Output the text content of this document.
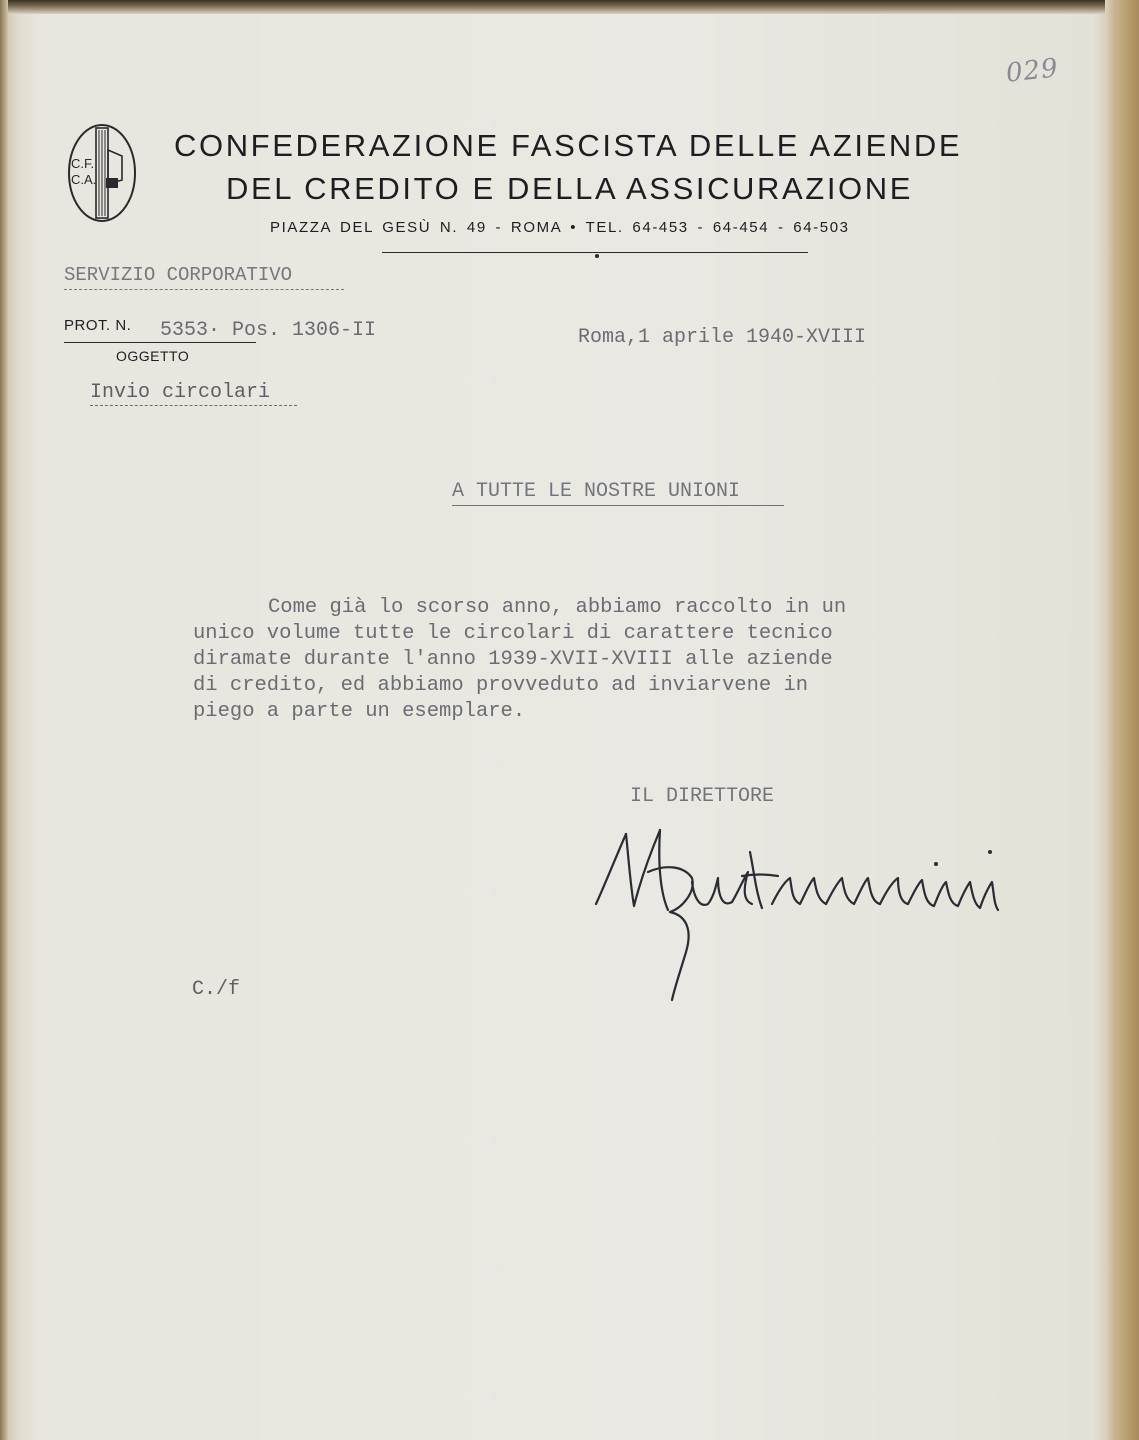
029
C.F.
C.A.
CONFEDERAZIONE FASCISTA DELLE AZIENDE
DEL CREDITO E DELLA ASSICURAZIONE
PIAZZA DEL GESÙ N. 49 - ROMA • TEL. 64-453 - 64-454 - 64-503
SERVIZIO CORPORATIVO
PROT. N. 5353· Pos. 1306-II
OGGETTO
Roma,1 aprile 1940-XVIII
Invio circolari
A TUTTE LE NOSTRE UNIONI
Come già lo scorso anno, abbiamo raccolto in un
unico volume tutte le circolari di carattere tecnico
diramate durante l'anno 1939-XVII-XVIII alle aziende
di credito, ed abbiamo provveduto ad inviarvene in
piego a parte un esemplare.
IL DIRETTORE
C./f
